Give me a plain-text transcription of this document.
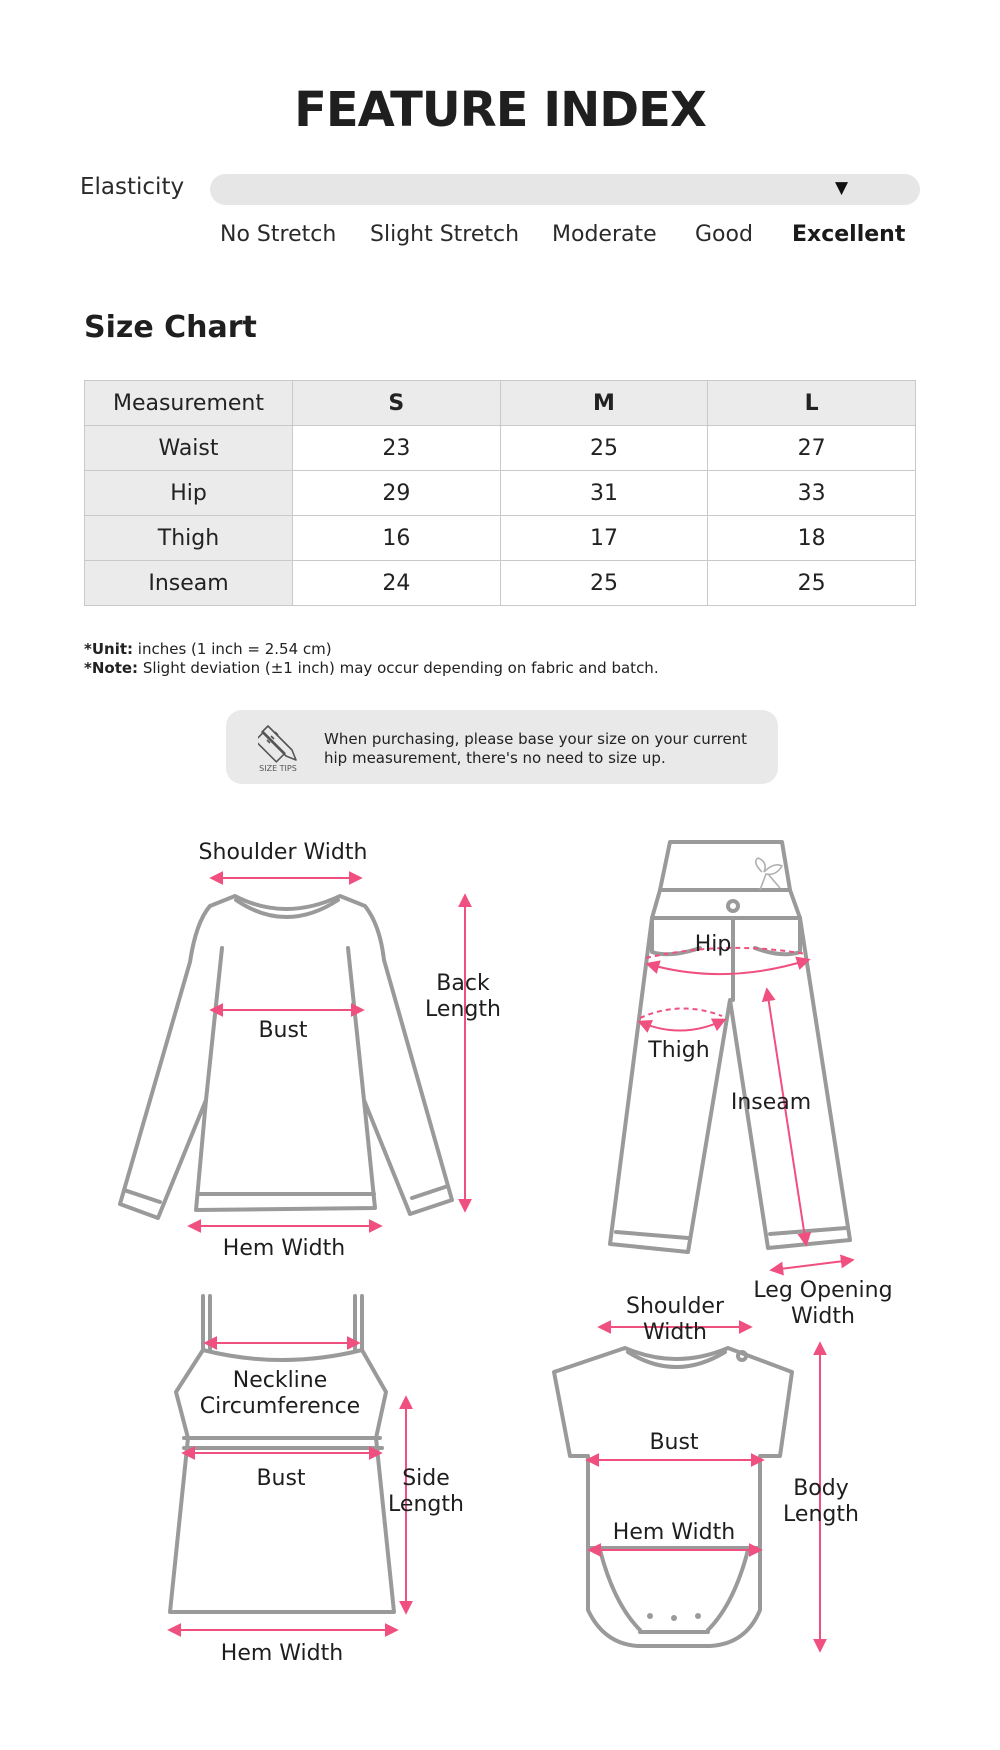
FEATURE INDEX
Elasticity	▼
No Stretch Slight Stretch Moderate Good Excellent
Size Chart
Measurement	S	M	L
Waist	23	25	27
Hip	29	31	33
Thigh	16	17	18
Inseam	24	25	25
*Unit: inches (1 inch = 2.54 cm)
*Note: Slight deviation (±1 inch) may occur depending on fabric and batch.
SIZE TIPS
When purchasing, please base your size on your current hip measurement, there's no need to size up.
Shoulder Width
Back
Length
Bust
Hem Width
Hip
Thigh
Inseam
Leg Opening
Width
Neckline
Circumference
Bust	Side
Length
Hem Width
Shoulder
Width
Bust
Hem Width
Body
Length
